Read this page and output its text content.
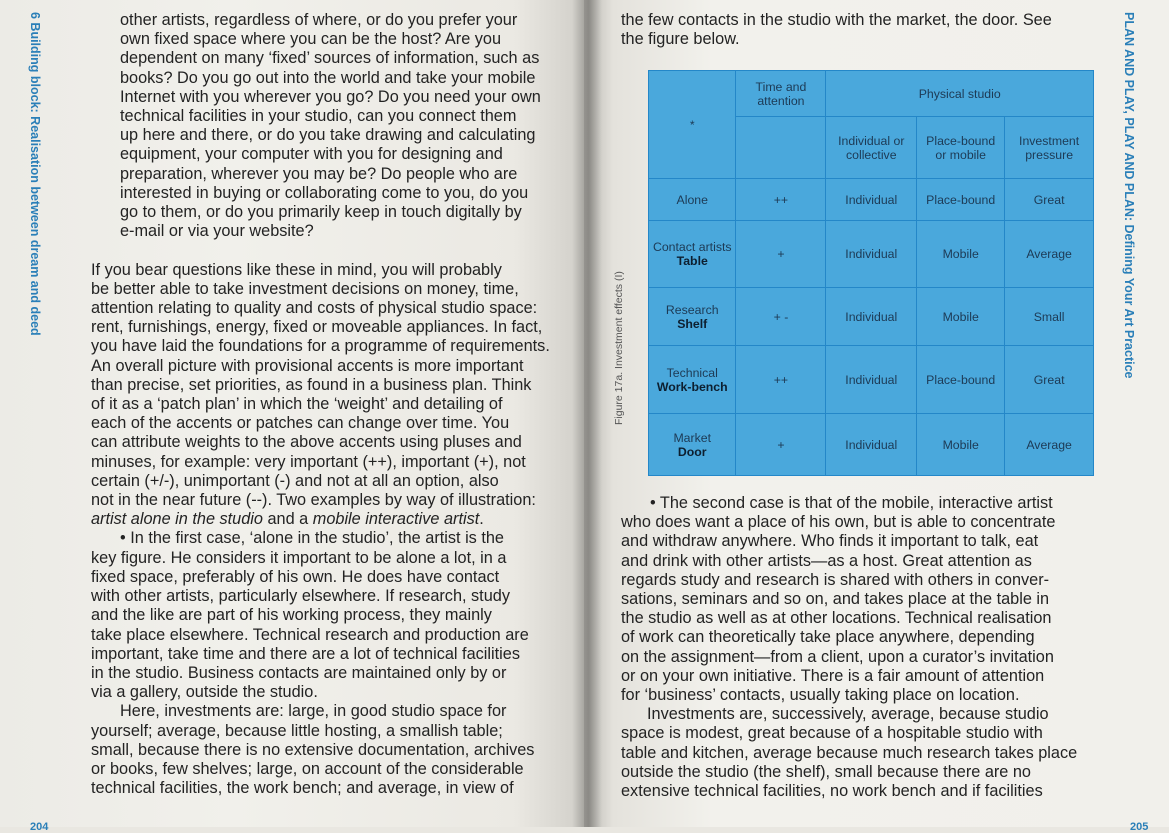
6 Building block: Realisation between dream and deed	PLAN AND PLAY, PLAY AND PLAN: Defining Your Art Practice
other artists, regardless of where, or do you prefer your
own fixed space where you can be the host? Are you
dependent on many ‘fixed’ sources of information, such as
books? Do you go out into the world and take your mobile
Internet with you wherever you go? Do you need your own
technical facilities in your studio, can you connect them
up here and there, or do you take drawing and calculating
equipment, your computer with you for designing and
preparation, wherever you may be? Do people who are
interested in buying or collaborating come to you, do you
go to them, or do you primarily keep in touch digitally by
e-mail or via your website?

If you bear questions like these in mind, you will probably
be better able to take investment decisions on money, time,
attention relating to quality and costs of physical studio space:
rent, furnishings, energy, fixed or moveable appliances. In fact,
you have laid the foundations for a programme of requirements.
An overall picture with provisional accents is more important
than precise, set priorities, as found in a business plan. Think
of it as a ‘patch plan’ in which the ‘weight’ and detailing of
each of the accents or patches can change over time. You
can attribute weights to the above accents using pluses and
minuses, for example: very important (++), important (+), not
certain (+/-), unimportant (-) and not at all an option, also
not in the near future (--). Two examples by way of illustration:
artist alone in the studio and a mobile interactive artist.
• In the first case, ‘alone in the studio’, the artist is the
key figure. He considers it important to be alone a lot, in a
fixed space, preferably of his own. He does have contact
with other artists, particularly elsewhere. If research, study
and the like are part of his working process, they mainly
take place elsewhere. Technical research and production are
important, take time and there are a lot of technical facilities
in the studio. Business contacts are maintained only by or
via a gallery, outside the studio.
Here, investments are: large, in good studio space for
yourself; average, because little hosting, a smallish table;
small, because there is no extensive documentation, archives
or books, few shelves; large, on account of the considerable
technical facilities, the work bench; and average, in view of
the few contacts in the studio with the market, the door. See
the figure below.
Figure 17a. Investment effects (I)
*	Time and attention	Physical studio		
		Individual or collective	Place-bound or mobile	Investment pressure
Alone	++	Individual	Place-bound	Great

Contact artists
Table	+	Individual	Mobile	Average

Research
Shelf	+ -	Individual	Mobile	Small

Technical
Work-bench	++	Individual	Place-bound	Great

Market
Door	+	Individual	Mobile	Average
• The second case is that of the mobile, interactive artist
who does want a place of his own, but is able to concentrate
and withdraw anywhere. Who finds it important to talk, eat
and drink with other artists—as a host. Great attention as
regards study and research is shared with others in conver-
sations, seminars and so on, and takes place at the table in
the studio as well as at other locations. Technical realisation
of work can theoretically take place anywhere, depending
on the assignment—from a client, upon a curator’s invitation
or on your own initiative. There is a fair amount of attention
for ‘business’ contacts, usually taking place on location.
Investments are, successively, average, because studio
space is modest, great because of a hospitable studio with
table and kitchen, average because much research takes place
outside the studio (the shelf), small because there are no
extensive technical facilities, no work bench and if facilities
204	205
